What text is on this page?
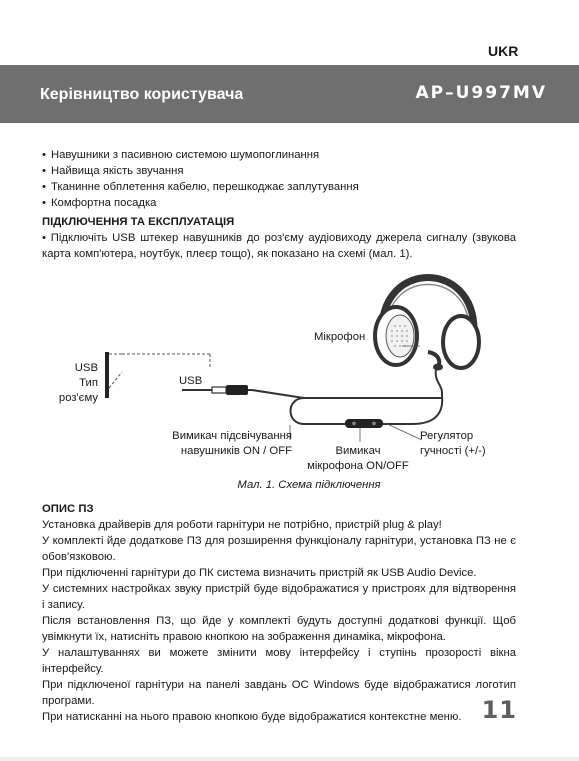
UKR
Керівництво користувача	AP–U997MV
• Навушники з пасивною системою шумопоглинання
• Найвища якість звучання
• Тканинне обплетення кабелю, перешкоджає заплутування
• Комфортна посадка
ПІДКЛЮЧЕННЯ ТА ЕКСПЛУАТАЦІЯ
• Підключіть USB штекер навушників до роз'єму аудіовиходу джерела сигналу (звукова карта комп'ютера, ноутбук, плеєр тощо), як показано на схемі (мал. 1).
Мікрофон
USB
Тип
роз'єму
USB
Вимикач підсвічування
навушників ON / OFF	Вимикач
мікрофона ON/OFF
Регулятор
гучності (+/-)
Мал. 1. Схема підключення
ОПИС ПЗ
Установка драйверів для роботи гарнітури не потрібно, пристрій plug & play!
У комплекті йде додаткове ПЗ для розширення функціоналу гарнітури, установка ПЗ не є обов'язковою.
При підключенні гарнітури до ПК система визначить пристрій як USB Audio Device.
У системних настройках звуку пристрій буде відображатися у пристроях для відтворення і запису.
Після встановлення ПЗ, що йде у комплекті будуть доступні додаткові функції. Щоб увімкнути їх, натисніть правою кнопкою на зображення динаміка, мікрофона.
У налаштуваннях ви можете змінити мову інтерфейсу і ступінь прозорості вікна інтерфейсу.
При підключеної гарнітури на панелі завдань ОС Windows буде відображатися логотип програми.
При натисканні на нього правою кнопкою буде відображатися контекстне меню. 11
